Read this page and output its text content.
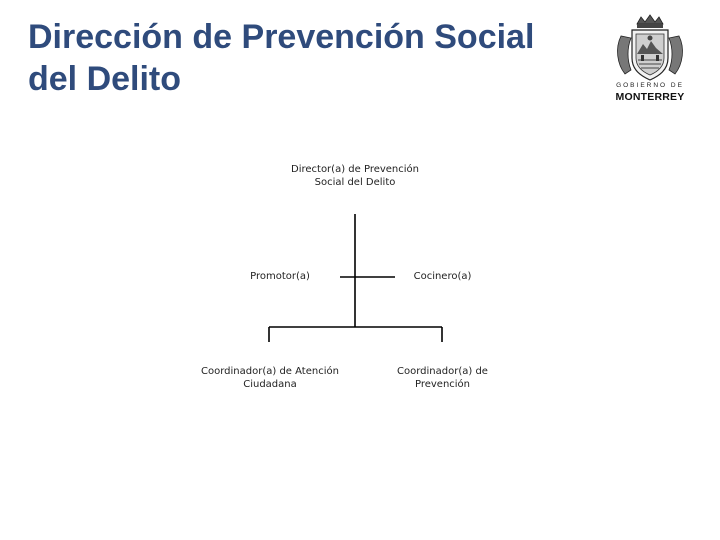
Dirección de Prevención Social
del Delito	GOBIERNO DE
MONTERREY
Director(a) de Prevención Social del Delito
Promotor(a)	Cocinero(a)
Coordinador(a) de Atención Ciudadana
Coordinador(a) de Prevención
